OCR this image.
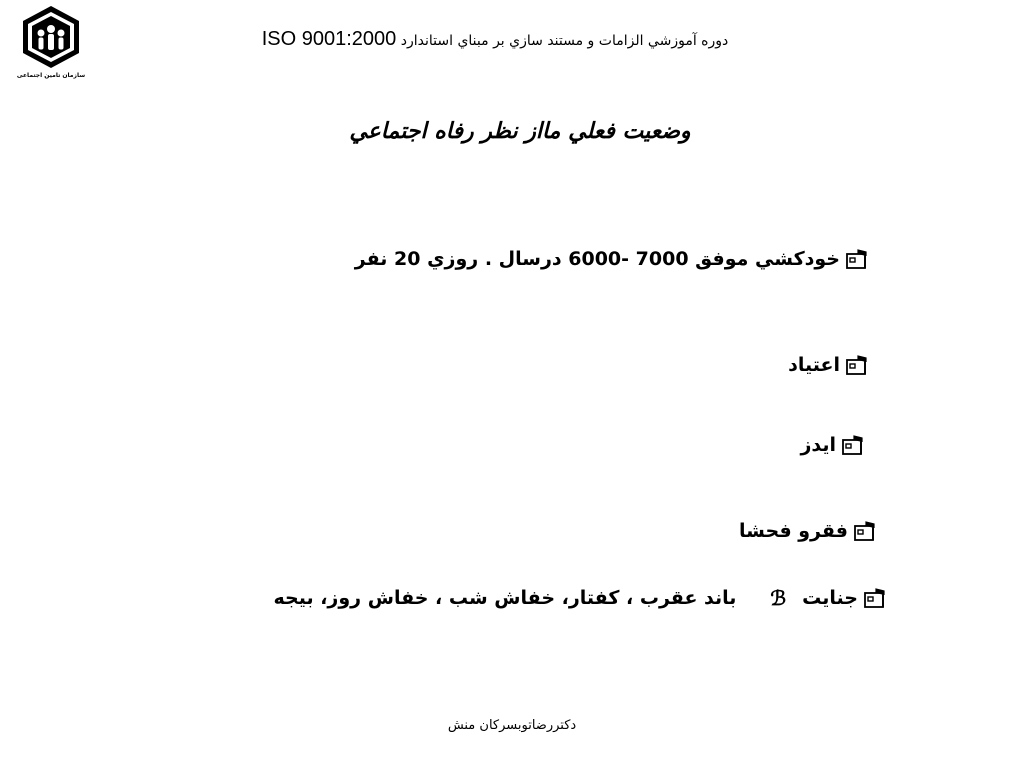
سازمان تامین اجتماعی
دوره آموزشي الزامات و مستند سازي بر مبناي استاندارد ISO 9001:2000
وضعيت فعلي مااز نظر رفاه اجتماعي
خودكشي موفق 7000 -6000 درسال . روزي 20 نفر
اعتياد
ايدز
فقرو فحشا
جنايت
ℬ
باند عقرب ، كفتار، خفاش شب ، خفاش روز، بيجه
دكتررضاتوبسركان منش
